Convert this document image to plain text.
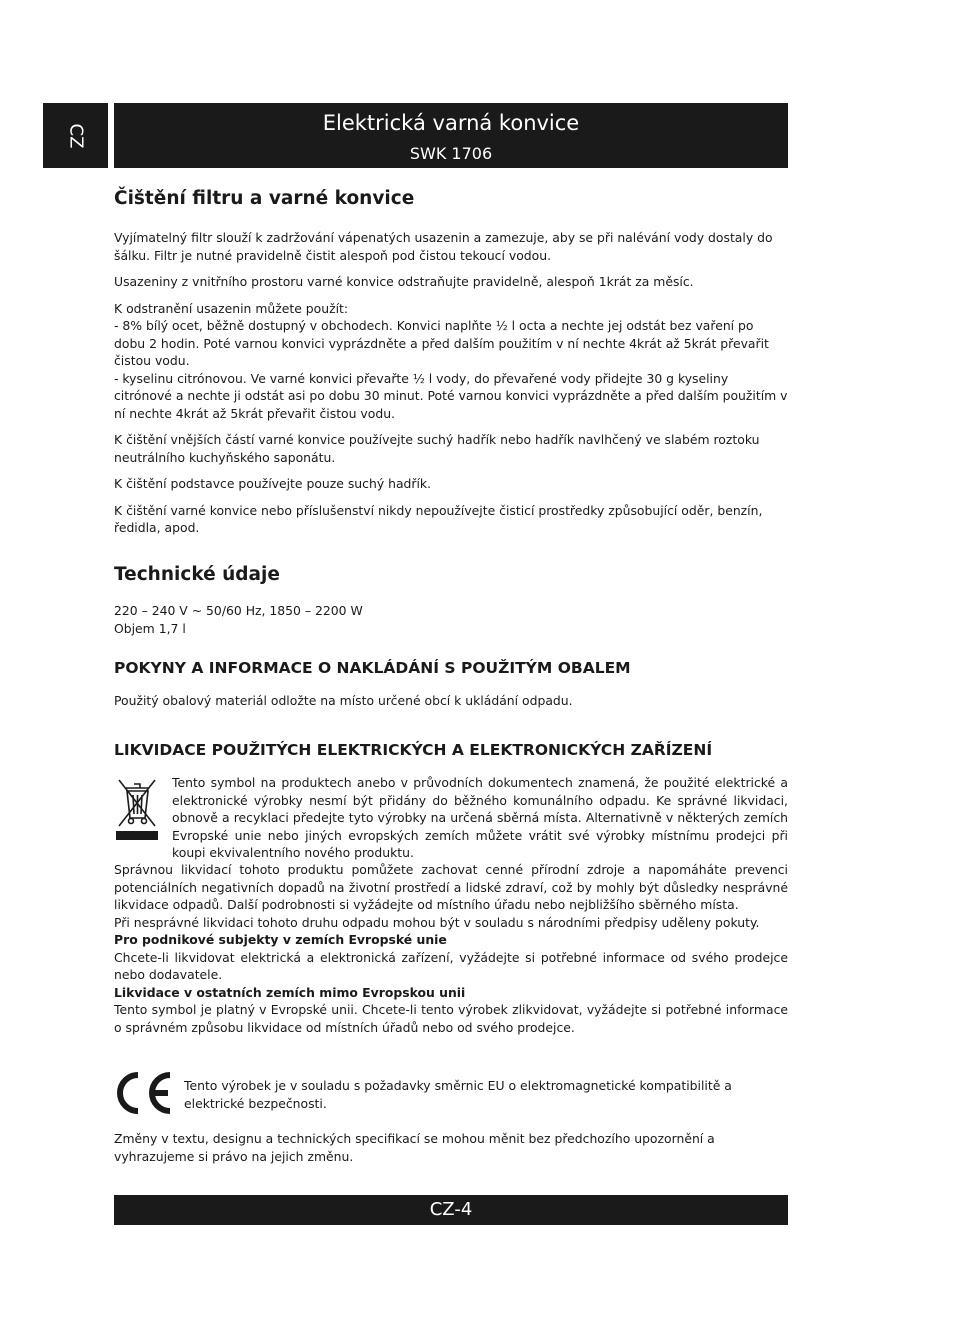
CZ
Elektrická varná konvice
SWK 1706
Čištění filtru a varné konvice

Vyjímatelný filtr slouží k zadržování vápenatých usazenin a zamezuje, aby se při nalévání vody dostaly do šálku. Filtr je nutné pravidelně čistit alespoň pod čistou tekoucí vodou.

Usazeniny z vnitřního prostoru varné konvice odstraňujte pravidelně, alespoň 1krát za měsíc.

K odstranění usazenin můžete použít:

- 8% bílý ocet, běžně dostupný v obchodech. Konvici naplňte ½ l octa a nechte jej odstát bez vaření po dobu 2 hodin. Poté varnou konvici vyprázdněte a před dalším použitím v ní nechte 4krát až 5krát převařit čistou vodu.

- kyselinu citrónovou. Ve varné konvici převařte ½ l vody, do převařené vody přidejte 30 g kyseliny citrónové a nechte ji odstát asi po dobu 30 minut. Poté varnou konvici vyprázdněte a před dalším použitím v ní nechte 4krát až 5krát převařit čistou vodu.

K čištění vnějších částí varné konvice používejte suchý hadřík nebo hadřík navlhčený ve slabém roztoku neutrálního kuchyňského saponátu.

K čištění podstavce používejte pouze suchý hadřík.

K čištění varné konvice nebo příslušenství nikdy nepoužívejte čisticí prostředky způsobující oděr, benzín, ředidla, apod.

Technické údaje

220 – 240 V ~ 50/60 Hz, 1850 – 2200 W

Objem 1,7 l

POKYNY A INFORMACE O NAKLÁDÁNÍ S POUŽITÝM OBALEM

Použitý obalový materiál odložte na místo určené obcí k ukládání odpadu.

LIKVIDACE POUŽITÝCH ELEKTRICKÝCH A ELEKTRONICKÝCH ZAŘÍZENÍ

Tento symbol na produktech anebo v průvodních dokumentech znamená, že použité elektrické a elektronické výrobky nesmí být přidány do běžného komunálního odpadu. Ke správné likvidaci, obnově a recyklaci předejte tyto výrobky na určená sběrná místa. Alternativně v některých zemích Evropské unie nebo jiných evropských zemích můžete vrátit své výrobky místnímu prodejci při koupi ekvivalentního nového produktu.

Správnou likvidací tohoto produktu pomůžete zachovat cenné přírodní zdroje a napomáháte prevenci potenciálních negativních dopadů na životní prostředí a lidské zdraví, což by mohly být důsledky nesprávné likvidace odpadů. Další podrobnosti si vyžádejte od místního úřadu nebo nejbližšího sběrného místa.

Při nesprávné likvidaci tohoto druhu odpadu mohou být v souladu s národními předpisy uděleny pokuty.

Pro podnikové subjekty v zemích Evropské unie

Chcete-li likvidovat elektrická a elektronická zařízení, vyžádejte si potřebné informace od svého prodejce nebo dodavatele.

Likvidace v ostatních zemích mimo Evropskou unii

Tento symbol je platný v Evropské unii. Chcete-li tento výrobek zlikvidovat, vyžádejte si potřebné informace o správném způsobu likvidace od místních úřadů nebo od svého prodejce.

Tento výrobek je v souladu s požadavky směrnic EU o elektromagnetické kompatibilitě a elektrické bezpečnosti.

Změny v textu, designu a technických specifikací se mohou měnit bez předchozího upozornění a vyhrazujeme si právo na jejich změnu.

CZ-4
